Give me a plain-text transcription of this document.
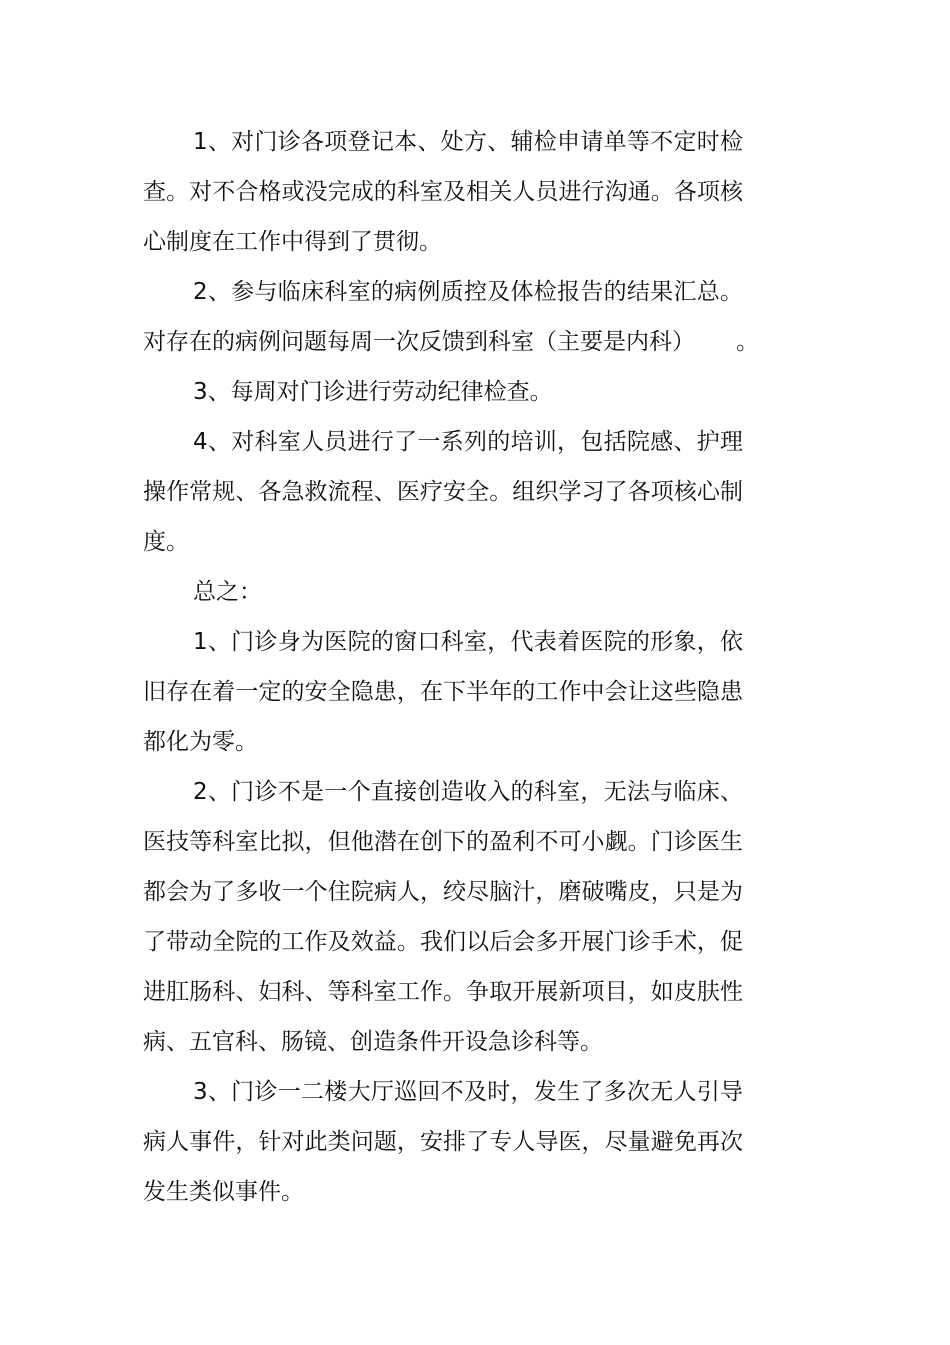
1、对门诊各项登记本、处方、辅检申请单等不定时检查。对不合格或没完成的科室及相关人员进行沟通。各项核心制度在工作中得到了贯彻。

2、参与临床科室的病例质控及体检报告的结果汇总。对存在的病例问题每周一次反馈到科室（主要是内科） 。

3、每周对门诊进行劳动纪律检查。

4、对科室人员进行了一系列的培训，包括院感、护理操作常规、各急救流程、医疗安全。组织学习了各项核心制度。

总之：

1、门诊身为医院的窗口科室，代表着医院的形象，依旧存在着一定的安全隐患，在下半年的工作中会让这些隐患都化为零。

2、门诊不是一个直接创造收入的科室，无法与临床、医技等科室比拟，但他潜在创下的盈利不可小觑。门诊医生都会为了多收一个住院病人，绞尽脑汁，磨破嘴皮，只是为了带动全院的工作及效益。我们以后会多开展门诊手术，促进肛肠科、妇科、等科室工作。争取开展新项目，如皮肤性病、五官科、肠镜、创造条件开设急诊科等。

3、门诊一二楼大厅巡回不及时，发生了多次无人引导病人事件，针对此类问题，安排了专人导医，尽量避免再次发生类似事件。
